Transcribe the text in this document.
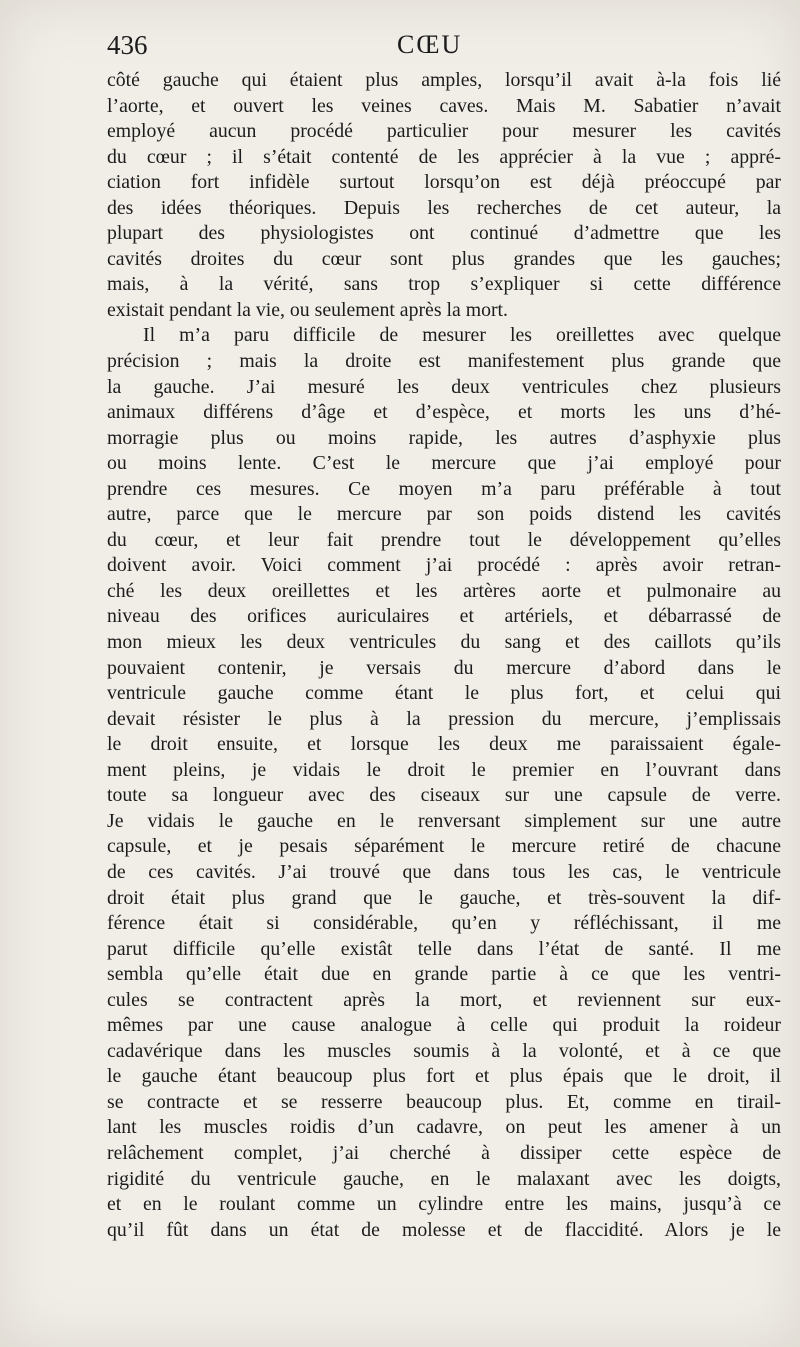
436	CŒU
côté gauche qui étaient plus amples, lorsqu’il avait à-la fois lié
l’aorte, et ouvert les veines caves. Mais M. Sabatier n’avait
employé aucun procédé particulier pour mesurer les cavités
du cœur ; il s’était contenté de les apprécier à la vue ; appré-
ciation fort infidèle surtout lorsqu’on est déjà préoccupé par
des idées théoriques. Depuis les recherches de cet auteur, la
plupart des physiologistes ont continué d’admettre que les
cavités droites du cœur sont plus grandes que les gauches;
mais, à la vérité, sans trop s’expliquer si cette différence
existait pendant la vie, ou seulement après la mort.
Il m’a paru difficile de mesurer les oreillettes avec quelque
précision ; mais la droite est manifestement plus grande que
la gauche. J’ai mesuré les deux ventricules chez plusieurs
animaux différens d’âge et d’espèce, et morts les uns d’hé-
morragie plus ou moins rapide, les autres d’asphyxie plus
ou moins lente. C’est le mercure que j’ai employé pour
prendre ces mesures. Ce moyen m’a paru préférable à tout
autre, parce que le mercure par son poids distend les cavités
du cœur, et leur fait prendre tout le développement qu’elles
doivent avoir. Voici comment j’ai procédé : après avoir retran-
ché les deux oreillettes et les artères aorte et pulmonaire au
niveau des orifices auriculaires et artériels, et débarrassé de
mon mieux les deux ventricules du sang et des caillots qu’ils
pouvaient contenir, je versais du mercure d’abord dans le
ventricule gauche comme étant le plus fort, et celui qui
devait résister le plus à la pression du mercure, j’emplissais
le droit ensuite, et lorsque les deux me paraissaient égale-
ment pleins, je vidais le droit le premier en l’ouvrant dans
toute sa longueur avec des ciseaux sur une capsule de verre.
Je vidais le gauche en le renversant simplement sur une autre
capsule, et je pesais séparément le mercure retiré de chacune
de ces cavités. J’ai trouvé que dans tous les cas, le ventricule
droit était plus grand que le gauche, et très-souvent la dif-
férence était si considérable, qu’en y réfléchissant, il me
parut difficile qu’elle existât telle dans l’état de santé. Il me
sembla qu’elle était due en grande partie à ce que les ventri-
cules se contractent après la mort, et reviennent sur eux-
mêmes par une cause analogue à celle qui produit la roideur
cadavérique dans les muscles soumis à la volonté, et à ce que
le gauche étant beaucoup plus fort et plus épais que le droit, il
se contracte et se resserre beaucoup plus. Et, comme en tirail-
lant les muscles roidis d’un cadavre, on peut les amener à un
relâchement complet, j’ai cherché à dissiper cette espèce de
rigidité du ventricule gauche, en le malaxant avec les doigts,
et en le roulant comme un cylindre entre les mains, jusqu’à ce
qu’il fût dans un état de molesse et de flaccidité. Alors je le
